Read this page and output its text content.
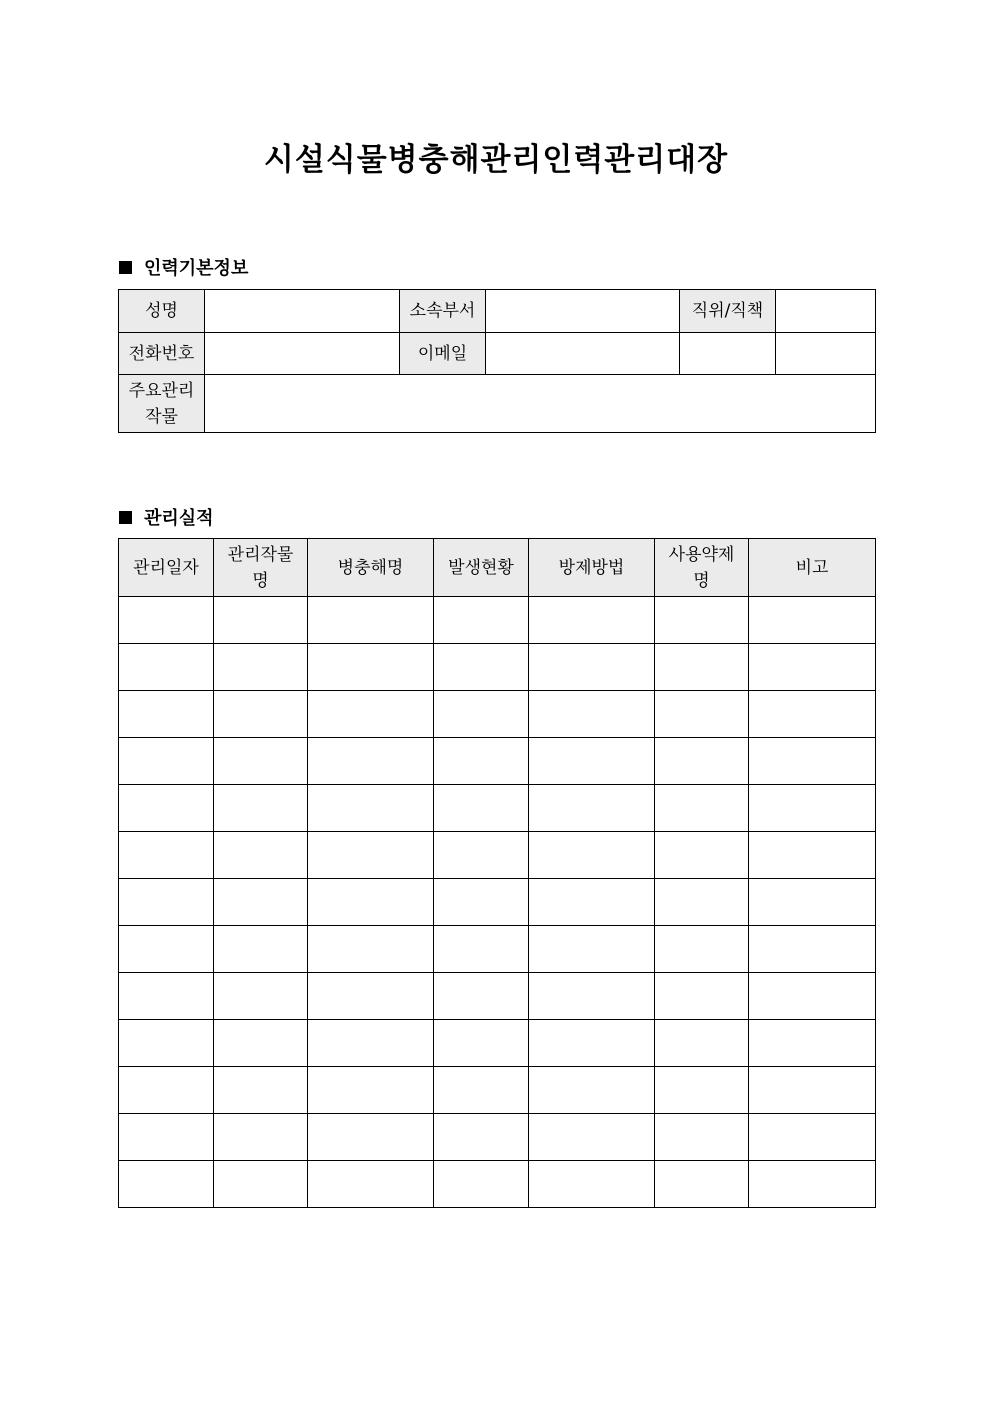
시설식물병충해관리인력관리대장
인력기본정보
성명		소속부서		직위/직책	
전화번호		이메일			
주요관리작물					
관리실적
관리일자	관리작물명	병충해명	발생현황	방제방법	사용약제명	비고
